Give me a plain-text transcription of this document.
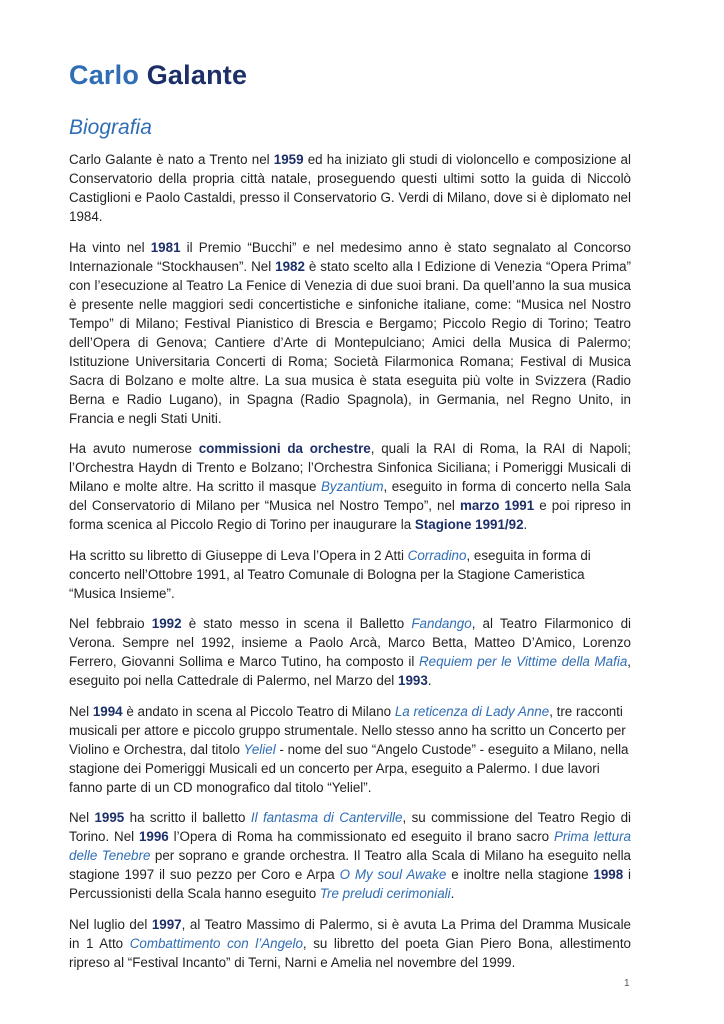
Carlo Galante
Biografia

Carlo Galante è nato a Trento nel 1959 ed ha iniziato gli studi di violoncello e composizione al Conservatorio della propria città natale, proseguendo questi ultimi sotto la guida di Niccolò Castiglioni e Paolo Castaldi, presso il Conservatorio G. Verdi di Milano, dove si è diplomato nel 1984.

Ha vinto nel 1981 il Premio “Bucchi” e nel medesimo anno è stato segnalato al Concorso Internazionale “Stockhausen”. Nel 1982 è stato scelto alla I Edizione di Venezia “Opera Prima” con l’esecuzione al Teatro La Fenice di Venezia di due suoi brani. Da quell’anno la sua musica è presente nelle maggiori sedi concertistiche e sinfoniche italiane, come: “Musica nel Nostro Tempo” di Milano; Festival Pianistico di Brescia e Bergamo; Piccolo Regio di Torino; Teatro dell’Opera di Genova; Cantiere d’Arte di Montepulciano; Amici della Musica di Palermo; Istituzione Universitaria Concerti di Roma; Società Filarmonica Romana; Festival di Musica Sacra di Bolzano e molte altre. La sua musica è stata eseguita più volte in Svizzera (Radio Berna e Radio Lugano), in Spagna (Radio Spagnola), in Germania, nel Regno Unito, in Francia e negli Stati Uniti.

Ha avuto numerose commissioni da orchestre, quali la RAI di Roma, la RAI di Napoli; l’Orchestra Haydn di Trento e Bolzano; l’Orchestra Sinfonica Siciliana; i Pomeriggi Musicali di Milano e molte altre. Ha scritto il masque Byzantium, eseguito in forma di concerto nella Sala del Conservatorio di Milano per “Musica nel Nostro Tempo”, nel marzo 1991 e poi ripreso in forma scenica al Piccolo Regio di Torino per inaugurare la Stagione 1991/92.

Ha scritto su libretto di Giuseppe di Leva l’Opera in 2 Atti Corradino, eseguita in forma di concerto nell’Ottobre 1991, al Teatro Comunale di Bologna per la Stagione Cameristica “Musica Insieme”.

Nel febbraio 1992 è stato messo in scena il Balletto Fandango, al Teatro Filarmonico di Verona. Sempre nel 1992, insieme a Paolo Arcà, Marco Betta, Matteo D’Amico, Lorenzo Ferrero, Giovanni Sollima e Marco Tutino, ha composto il Requiem per le Vittime della Mafia, eseguito poi nella Cattedrale di Palermo, nel Marzo del 1993.

Nel 1994 è andato in scena al Piccolo Teatro di Milano La reticenza di Lady Anne, tre racconti musicali per attore e piccolo gruppo strumentale. Nello stesso anno ha scritto un Concerto per Violino e Orchestra, dal titolo Yeliel - nome del suo “Angelo Custode” - eseguito a Milano, nella stagione dei Pomeriggi Musicali ed un concerto per Arpa, eseguito a Palermo. I due lavori fanno parte di un CD monografico dal titolo “Yeliel”.

Nel 1995 ha scritto il balletto Il fantasma di Canterville, su commissione del Teatro Regio di Torino. Nel 1996 l’Opera di Roma ha commissionato ed eseguito il brano sacro Prima lettura delle Tenebre per soprano e grande orchestra. Il Teatro alla Scala di Milano ha eseguito nella stagione 1997 il suo pezzo per Coro e Arpa O My soul Awake e inoltre nella stagione 1998 i Percussionisti della Scala hanno eseguito Tre preludi cerimoniali.

Nel luglio del 1997, al Teatro Massimo di Palermo, si è avuta La Prima del Dramma Musicale in 1 Atto Combattimento con l’Angelo, su libretto del poeta Gian Piero Bona, allestimento ripreso al “Festival Incanto” di Terni, Narni e Amelia nel novembre del 1999.

1
